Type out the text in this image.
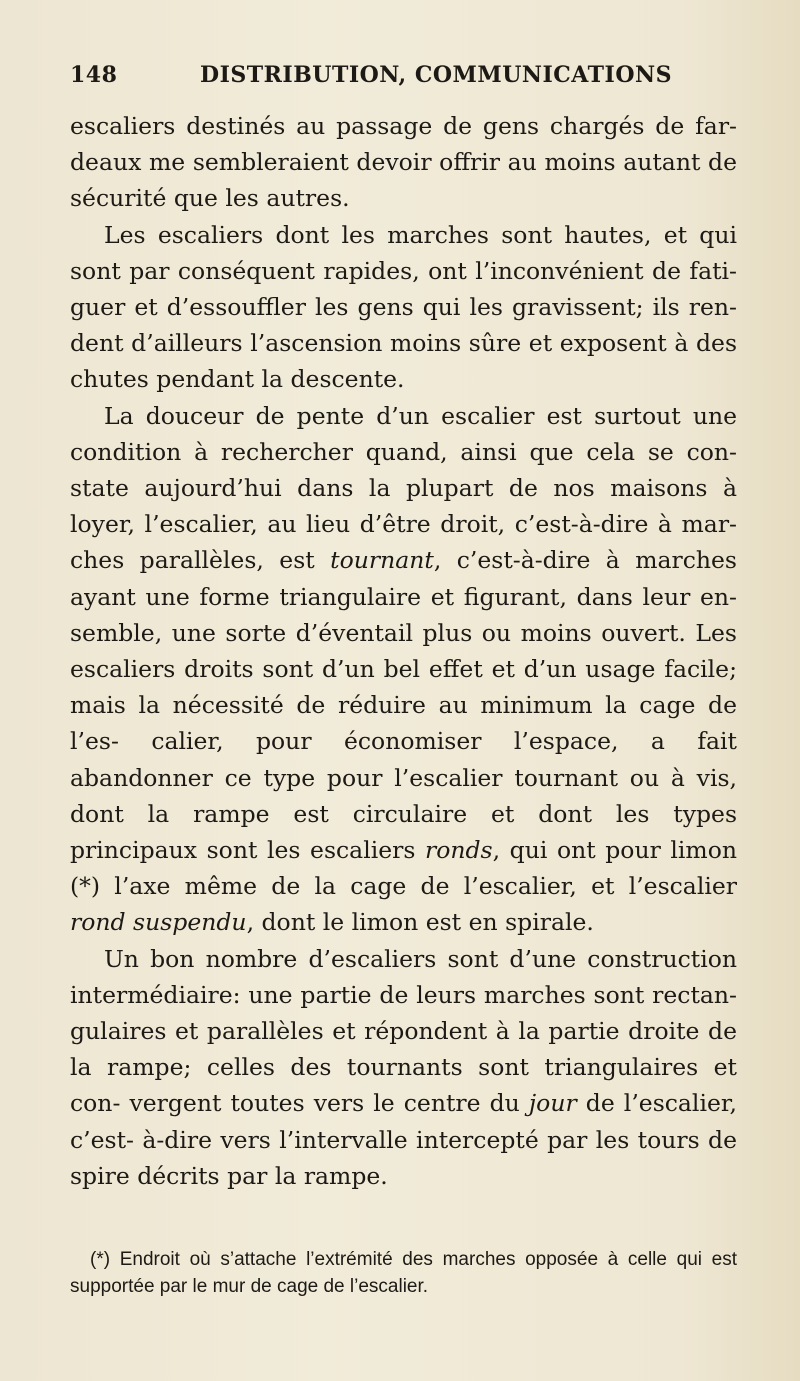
148	DISTRIBUTION, COMMUNICATIONS

escaliers destinés au passage de gens chargés de far- deaux me sembleraient devoir offrir au moins autant de sécurité que les autres.

Les escaliers dont les marches sont hautes, et qui sont par conséquent rapides, ont l’inconvénient de fati- guer et d’essouffler les gens qui les gravissent; ils ren- dent d’ailleurs l’ascension moins sûre et exposent à des chutes pendant la descente.

La douceur de pente d’un escalier est surtout une condition à rechercher quand, ainsi que cela se con- state aujourd’hui dans la plupart de nos maisons à loyer, l’escalier, au lieu d’être droit, c’est-à-dire à mar- ches parallèles, est tournant, c’est-à-dire à marches ayant une forme triangulaire et figurant, dans leur en- semble, une sorte d’éventail plus ou moins ouvert. Les escaliers droits sont d’un bel effet et d’un usage facile; mais la nécessité de réduire au minimum la cage de l’es- calier, pour économiser l’espace, a fait abandonner ce type pour l’escalier tournant ou à vis, dont la rampe est circulaire et dont les types principaux sont les escaliers ronds, qui ont pour limon (*) l’axe même de la cage de l’escalier, et l’escalier rond suspendu, dont le limon est en spirale.

Un bon nombre d’escaliers sont d’une construction intermédiaire: une partie de leurs marches sont rectan- gulaires et parallèles et répondent à la partie droite de la rampe; celles des tournants sont triangulaires et con- vergent toutes vers le centre du jour de l’escalier, c’est- à-dire vers l’intervalle intercepté par les tours de spire décrits par la rampe.

(*) Endroit où s’attache l’extrémité des marches opposée à celle qui est supportée par le mur de cage de l’escalier.
